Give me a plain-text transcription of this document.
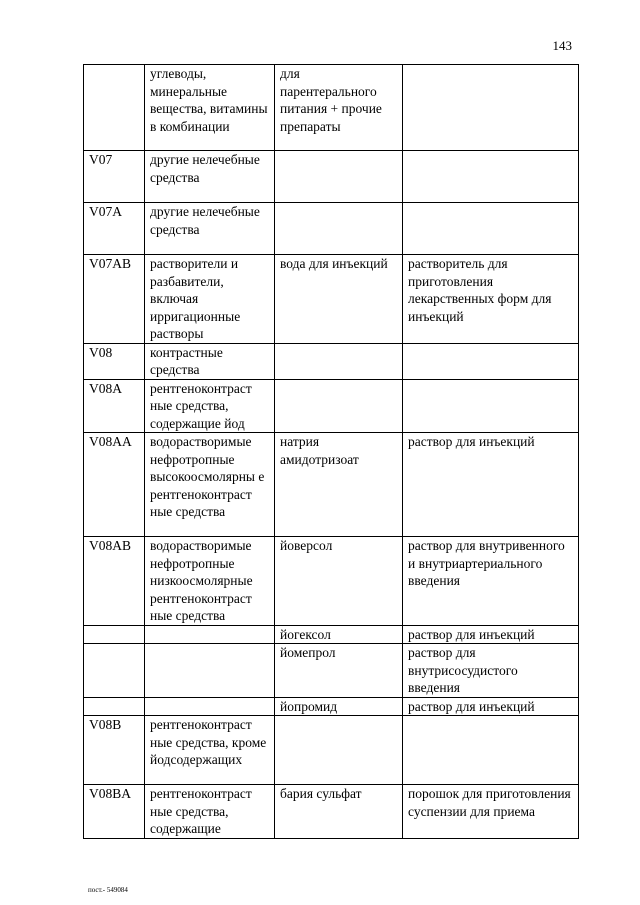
143
	углеводы, минеральные вещества, витамины в комбинации	для парентерального питания + прочие препараты	
V07	другие нелечебные средства		
V07A	другие нелечебные средства		
V07AB	растворители и разбавители, включая ирригационные растворы	вода для инъекций	растворитель для приготовления лекарственных форм для инъекций
V08	контрастные средства		
V08A	рентгеноконтраст ные средства, содержащие йод		
V08AA	водорастворимые нефротропные высокоосмолярны е рентгеноконтраст ные средства	натрия амидотризоат	раствор для инъекций
V08AB	водорастворимые нефротропные низкоосмолярные рентгеноконтраст ные средства	йоверсол	раствор для внутривенного и внутриартериального введения
		йогексол	раствор для инъекций
		йомепрол	раствор для внутрисосудистого введения
		йопромид	раствор для инъекций
V08B	рентгеноконтраст ные средства, кроме йодсодержащих		
V08BA	рентгеноконтраст ные средства, содержащие	бария сульфат	порошок для приготовления суспензии для приема
пост.- 549084
